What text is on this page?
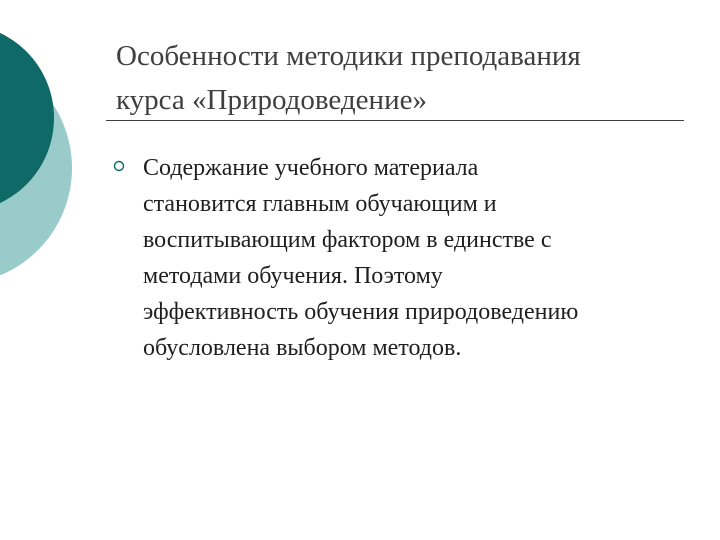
Особенности методики преподавания
курса «Природоведение»
Содержание учебного материала
становится главным обучающим и
воспитывающим фактором в единстве с
методами обучения. Поэтому
эффективность обучения природоведению
обусловлена выбором методов.
